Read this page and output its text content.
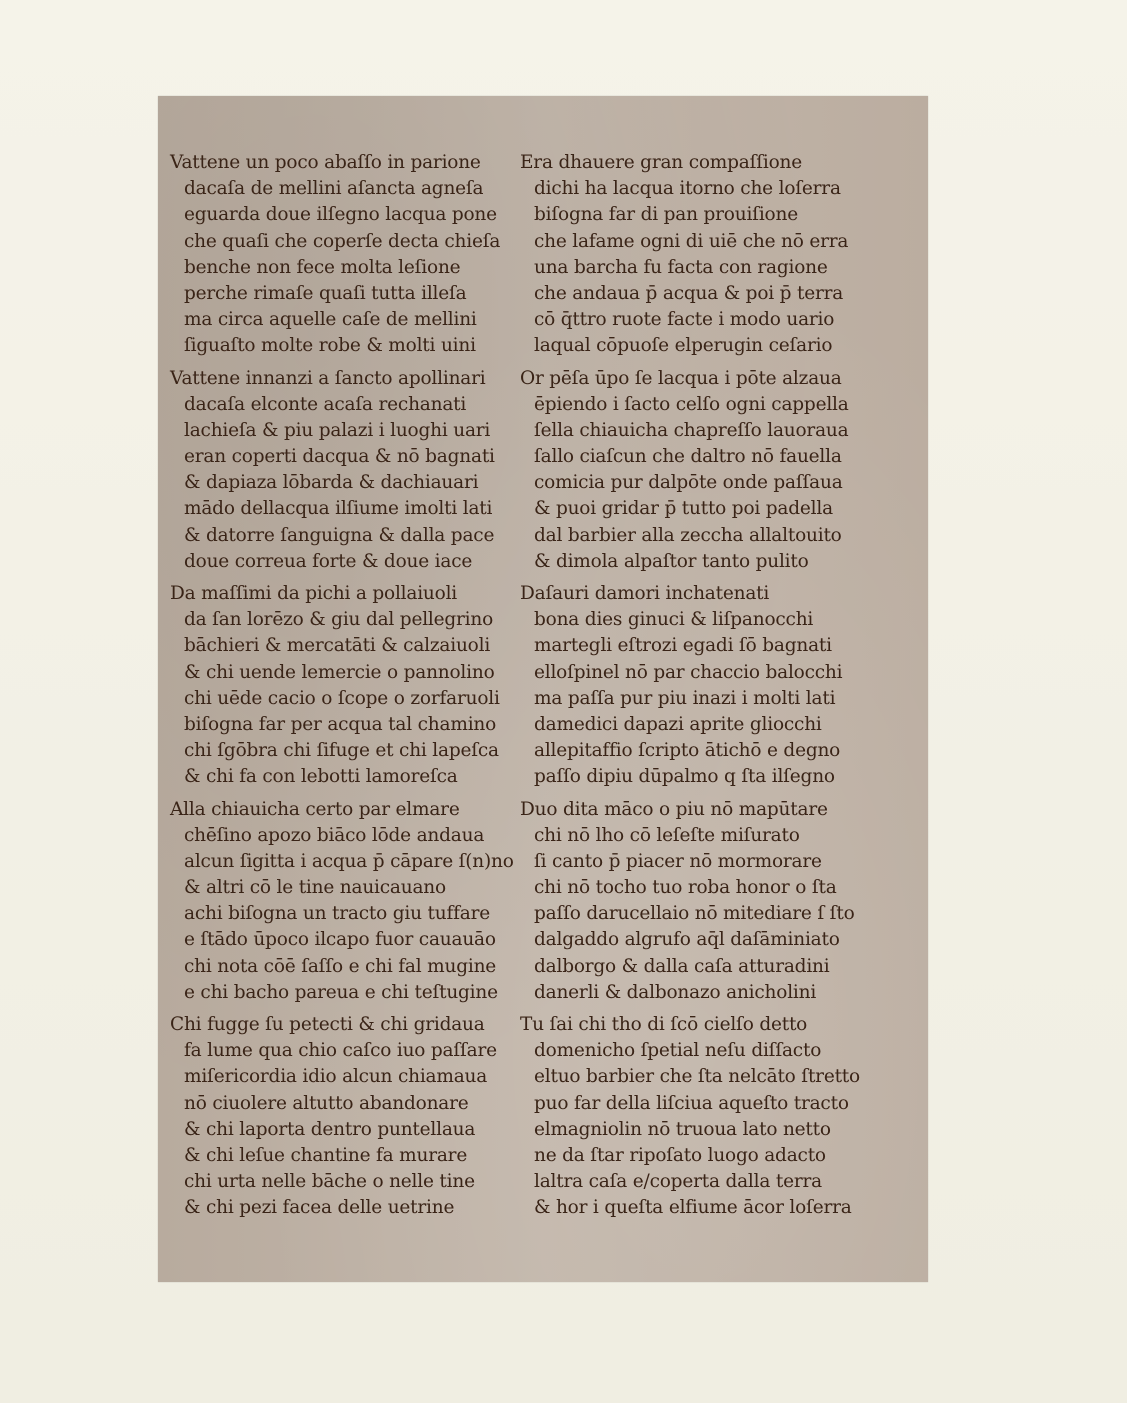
Vattene un poco abaſſo in parione
dacaſa de mellini aſancta agneſa
eguarda doue ilſegno lacqua pone
che quaſi che coperſe decta chieſa
benche non fece molta leſione
perche rimaſe quaſi tutta illeſa
ma circa aquelle caſe de mellini
ſiguaſto molte robe & molti uini
Vattene innanzi a ſancto apollinari
dacaſa elconte acaſa rechanati
lachieſa & piu palazi i luoghi uari
eran coperti dacqua & nō bagnati
& dapiaza lōbarda & dachiauari
mādo dellacqua ilſiume imolti lati
& datorre ſanguigna & dalla pace
doue correua forte & doue iace
Da maſſimi da pichi a pollaiuoli
da ſan lorēzo & giu dal pellegrino
bāchieri & mercatāti & calzaiuoli
& chi uende lemercie o pannolino
chi uēde cacio o ſcope o zorfaruoli
biſogna far per acqua tal chamino
chi ſgōbra chi ſifuge et chi lapeſca
& chi fa con lebotti lamoreſca
Alla chiauicha certo par elmare
chēſino apozo biāco lōde andaua
alcun ſigitta i acqua p̄ cāpare ſ(n)no
& altri cō le tine nauicauano
achi biſogna un tracto giu tuffare
e ſtādo ūpoco ilcapo fuor cauauāo
chi nota cōē ſaſſo e chi fal mugine
e chi bacho pareua e chi teſtugine
Chi fugge ſu petecti & chi gridaua
fa lume qua chio caſco iuo paſſare
miſericordia idio alcun chiamaua
nō ciuolere altutto abandonare
& chi laporta dentro puntellaua
& chi leſue chantine fa murare
chi urta nelle bāche o nelle tine
& chi pezi facea delle uetrine
Era dhauere gran compaſſione
dichi ha lacqua itorno che loſerra
biſogna far di pan prouiſione
che lafame ogni di uiē che nō erra
una barcha fu facta con ragione
che andaua p̄ acqua & poi p̄ terra
cō q̄ttro ruote facte i modo uario
laqual cōpuoſe elperugin ceſario
Or pēſa ūpo ſe lacqua i pōte alzaua
ēpiendo i ſacto celſo ogni cappella
ſella chiauicha chapreſſo lauoraua
ſallo ciaſcun che daltro nō fauella
comicia pur dalpōte onde paſſaua
& puoi gridar p̄ tutto poi padella
dal barbier alla zeccha allaltouito
& dimola alpaſtor tanto pulito
Daſauri damori inchatenati
bona dies ginuci & liſpanocchi
martegli eſtrozi egadi ſō bagnati
elloſpinel nō par chaccio balocchi
ma paſſa pur piu inazi i molti lati
damedici dapazi aprite gliocchi
allepitaffio ſcripto ātichō e degno
paſſo dipiu dūpalmo q ſta ilſegno
Duo dita māco o piu nō mapūtare
chi nō lho cō leſeſte miſurato
ſi canto p̄ piacer nō mormorare
chi nō tocho tuo roba honor o ſta
paſſo darucellaio nō mitediare ſ ſto
dalgaddo algrufo aq̄l daſāminiato
dalborgo & dalla caſa atturadini
danerli & dalbonazo anicholini
Tu ſai chi tho di ſcō cielſo detto
domenicho ſpetial neſu diſſacto
eltuo barbier che ſta nelcāto ſtretto
puo far della liſciua aqueſto tracto
elmagniolin nō truoua lato netto
ne da ſtar ripoſato luogo adacto
laltra caſa e/coperta dalla terra
& hor i queſta elfiume ācor loſerra
